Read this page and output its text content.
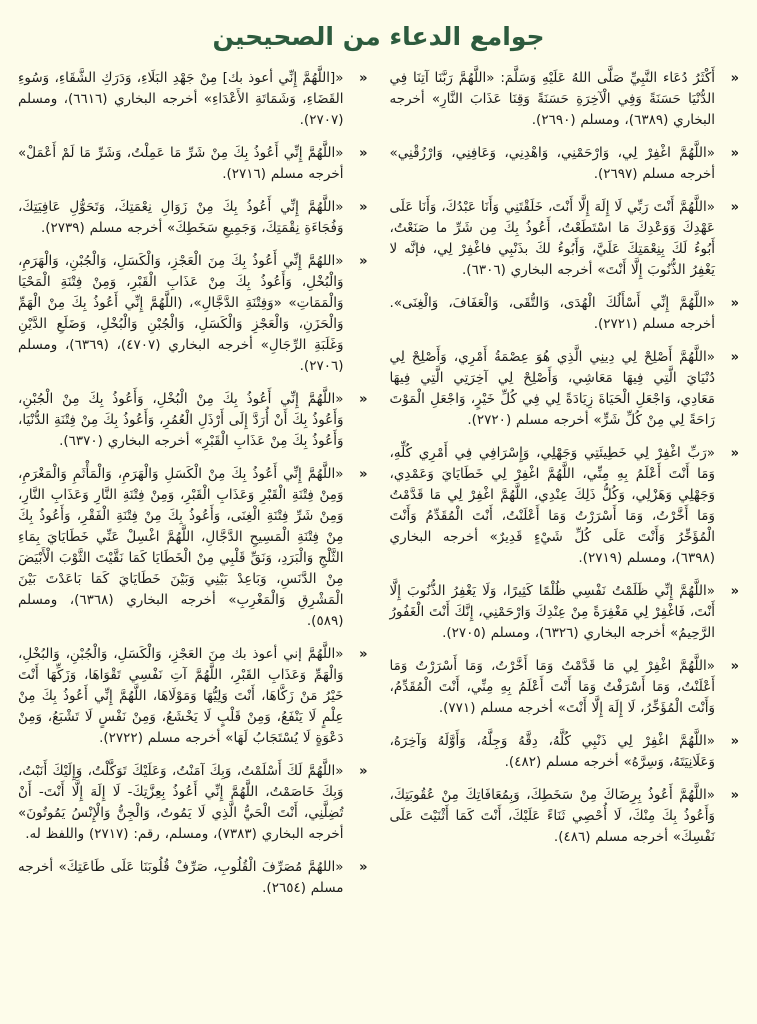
جوامع الدعاء من الصحيحين
«
أَكْثَرُ دُعَاء النَّبِيِّ صَلَّى اللهُ عَلَيْهِ وَسَلَّمَ: «اللَّهُمَّ رَبَّنَا آتِنَا فِي الدُّنْيَا حَسَنَةً وَفِي الْآخِرَةِ حَسَنَةً وَقِنَا عَذَابَ النَّارِ» أخرجه البخاري (٦٣٨٩)، ومسلم (٢٦٩٠).
«
«اللَّهُمَّ اغْفِرْ لِي، وَارْحَمْنِي، وَاهْدِنِي، وَعَافِنِي، وَارْزُقْنِي» أخرجه مسلم (٢٦٩٧).
«
«اللَّهُمَّ أَنْتَ رَبِّي لَا إِلَهَ إِلَّا أَنْتَ، خَلَقْتَنِي وَأَنَا عَبْدُكَ، وَأَنَا عَلَى عَهْدِكَ وَوَعْدِكَ مَا اسْتَطَعْتُ، أَعُوذُ بِكَ مِن شَرِّ ما صَنَعْتُ، أَبُوءُ لَكَ بِنِعْمَتِكَ عَلَيَّ، وَأَبُوءُ لكَ بذَنْبِي فاغْفِرْ لِي، فإنَّه لا يَغْفِرُ الذُّنُوبَ إِلَّا أَنْتَ» أخرجه البخاري (٦٣٠٦).
«
«اللَّهُمَّ إِنِّي أَسْأَلُكَ الْهُدَى، وَالتُّقَى، وَالْعَفَافَ، وَالْغِنَى». أخرجه مسلم (٢٧٢١).
«
«اللَّهُمَّ أَصْلِحْ لِي دِينِي الَّذِي هُوَ عِصْمَةُ أَمْرِي، وَأَصْلِحْ لِي دُنْيَايَ الَّتِي فِيهَا مَعَاشِي، وَأَصْلِحْ لِي آخِرَتِي الَّتِي فِيهَا مَعَادِي، وَاجْعَلِ الْحَيَاةَ زِيَادَةً لِي فِي كُلِّ خَيْرٍ، وَاجْعَلِ الْمَوْتَ رَاحَةً لِي مِنْ كُلِّ شَرٍّ» أخرجه مسلم (٢٧٢٠).
«
«رَبِّ اغْفِرْ لِي خَطِيئَتِي وَجَهْلِي، وَإِسْرَافِي فِي أَمْرِي كُلِّهِ، وَمَا أَنْتَ أَعْلَمُ بِهِ مِنِّي، اللَّهُمَّ اغْفِرْ لِي خَطَايَايَ وَعَمْدِي، وَجَهْلِي وَهَزْلِي، وَكُلُّ ذَلِكَ عِنْدِي، اللَّهُمَّ اغْفِرْ لِي مَا قَدَّمْتُ وَمَا أَخَّرْتُ، وَمَا أَسْرَرْتُ وَمَا أَعْلَنْتُ، أَنْتَ الْمُقَدِّمُ وَأَنْتَ الْمُؤَخِّرُ وَأَنْتَ عَلَى كُلِّ شَيْءٍ قَدِيرٌ» أخرجه البخاري (٦٣٩٨)، ومسلم (٢٧١٩).
«
«اللَّهُمَّ إِنِّي ظَلَمْتُ نَفْسِي ظُلْمًا كَثِيرًا، وَلَا يَغْفِرُ الذُّنُوبَ إِلَّا أَنْتَ، فَاغْفِرْ لِي مَغْفِرَةً مِنْ عِنْدِكَ وَارْحَمْنِي، إِنَّكَ أَنْتَ الْغَفُورُ الرَّحِيمُ» أخرجه البخاري (٦٣٢٦)، ومسلم (٢٧٠٥).
«
«اللَّهُمَّ اغْفِرْ لِي مَا قَدَّمْتُ وَمَا أَخَّرْتُ، وَمَا أَسْرَرْتُ وَمَا أَعْلَنْتُ، وَمَا أَسْرَفْتُ وَمَا أَنْتَ أَعْلَمُ بِهِ مِنِّي، أَنْتَ الْمُقَدِّمُ، وَأَنْتَ الْمُؤَخِّرُ، لَا إِلَهَ إِلَّا أَنْتَ» أخرجه مسلم (٧٧١).
«
«اللَّهُمَّ اغْفِرْ لِي ذَنْبِي كُلَّهُ، دِقَّهُ وَجِلَّهُ، وَأَوَّلَهُ وَآخِرَهُ، وَعَلَانِيَتَهُ، وَسِرَّهُ» أخرجه مسلم (٤٨٢).
«
«اللَّهُمَّ أَعُوذُ بِرِضَاكَ مِنْ سَخَطِكَ، وَبِمُعَافَاتِكَ مِنْ عُقُوبَتِكَ، وَأَعُوذُ بِكَ مِنْكَ، لَا أُحْصِي ثَنَاءً عَلَيْكَ، أَنْتَ كَمَا أَثْنَيْتَ عَلَى نَفْسِكَ» أخرجه مسلم (٤٨٦).
«
«[اللَّهُمَّ إِنِّي أعوذ بك] مِنْ جَهْدِ البَلَاءِ، وَدَرَكِ الشَّقَاءِ، وَسُوءِ القَضَاءِ، وَشَمَاتَةِ الأَعْدَاءِ» أخرجه البخاري (٦٦١٦)، ومسلم (٢٧٠٧).
«
«اللَّهُمَّ إِنِّي أَعُوذُ بِكَ مِنْ شَرِّ مَا عَمِلْتُ، وَشَرِّ مَا لَمْ أَعْمَلْ» أخرجه مسلم (٢٧١٦).
«
«اللَّهُمَّ إِنِّي أَعُوذُ بِكَ مِنْ زَوَالِ نِعْمَتِكَ، وَتَحَوُّلِ عَافِيَتِكَ، وَفُجَاءَةِ نِقْمَتِكَ، وَجَمِيعِ سَخَطِكَ» أخرجه مسلم (٢٧٣٩).
«
«اللهُمَّ إِنِّي أَعُوذُ بِكَ مِنَ الْعَجْزِ، وَالْكَسَلِ، وَالْجُبْنِ، وَالْهَرَمِ، وَالْبُخْلِ، وَأَعُوذُ بِكَ مِنْ عَذَابِ الْقَبْرِ، وَمِنْ فِتْنَةِ الْمَحْيَا وَالْمَمَاتِ» «وَفِتْنَةِ الدَّجَّالِ»، (اللَّهُمَّ إِنِّي أَعُوذُ بِكَ مِنْ الْهَمِّ وَالْحَزَنِ، وَالْعَجْزِ وَالْكَسَلِ، وَالْجُبْنِ وَالْبُخْلِ، وَضَلَعِ الدَّيْنِ وَغَلَبَةِ الرِّجَالِ» أخرجه البخاري (٤٧٠٧)، (٦٣٦٩)، ومسلم (٢٧٠٦).
«
«اللَّهُمَّ إِنِّي أَعُوذُ بِكَ مِنْ الْبُخْلِ، وَأَعُوذُ بِكَ مِنْ الْجُبْنِ، وَأَعُوذُ بِكَ أَنْ أُرَدَّ إِلَى أَرْذَلِ الْعُمُرِ، وَأَعُوذُ بِكَ مِنْ فِتْنَةِ الدُّنْيَا، وَأَعُوذُ بِكَ مِنْ عَذَابِ الْقَبْرِ» أخرجه البخاري (٦٣٧٠).
«
«اللَّهُمَّ إِنِّي أَعُوذُ بِكَ مِنْ الْكَسَلِ وَالْهَرَمِ، وَالْمَأْثَمِ وَالْمَغْرَمِ، وَمِنْ فِتْنَةِ الْقَبْرِ وَعَذَابِ الْقَبْرِ، وَمِنْ فِتْنَةِ النَّارِ وَعَذَابِ النَّارِ، وَمِنْ شَرِّ فِتْنَةِ الْغِنَى، وَأَعُوذُ بِكَ مِنْ فِتْنَةِ الْفَقْرِ، وَأَعُوذُ بِكَ مِنْ فِتْنَةِ الْمَسِيحِ الدَّجَّالِ، اللَّهُمَّ اغْسِلْ عَنِّي خَطَايَايَ بِمَاءِ الثَّلْجِ وَالْبَرَدِ، وَنَقِّ قَلْبِي مِنْ الْخَطَايَا كَمَا نَقَّيْتَ الثَّوْبَ الْأَبْيَضَ مِنْ الدَّنَسِ، وَبَاعِدْ بَيْنِي وَبَيْنَ خَطَايَايَ كَمَا بَاعَدْتَ بَيْنَ الْمَشْرِقِ وَالْمَغْرِبِ» أخرجه البخاري (٦٣٦٨)، ومسلم (٥٨٩).
«
«اللَّهُمَّ إني أعوذ بك مِنَ العَجْزِ، وَالْكَسَلِ، وَالْجُبْنِ، وَالبُخْلِ، وَالْهَمِّ وَعَذَابِ القَبْرِ، اللَّهُمَّ آتِ نَفْسِي تَقْوَاهَا، وَزَكِّهَا أَنْتَ خَيْرُ مَنْ زَكَّاهَا، أَنْتَ وَلِيُّهَا وَمَوْلَاهَا، اللَّهُمَّ إِنِّي أَعُوذُ بِكَ مِنْ عِلْمٍ لَا يَنْفَعُ، وَمِنْ قَلْبٍ لَا يَخْشَعُ، وَمِنْ نَفْسٍ لَا تَشْبَعُ، وَمِنْ دَعْوَةٍ لَا يُسْتَجَابُ لَهَا» أخرجه مسلم (٢٧٢٢).
«
«اللَّهُمَّ لَكَ أَسْلَمْتُ، وَبِكَ آمَنْتُ، وَعَلَيْكَ تَوَكَّلْتُ، وَإِلَيْكَ أَنَبْتُ، وَبِكَ خَاصَمْتُ، اللَّهُمَّ إِنِّي أَعُوذُ بِعِزَّتِكَ- لَا إِلَهَ إِلَّا أَنْتَ- أَنْ تُضِلَّنِي، أَنْتَ الْحَيُّ الَّذِي لَا يَمُوتُ، وَالْجِنُّ وَالْإِنْسُ يَمُوتُونَ» أخرجه البخاري (٧٣٨٣)، ومسلم، رقم: (٢٧١٧) واللفظ له.
«
«اللهُمَّ مُصَرِّفَ الْقُلُوبِ، صَرِّفْ قُلُوبَنَا عَلَى طَاعَتِكَ» أخرجه مسلم (٢٦٥٤).
